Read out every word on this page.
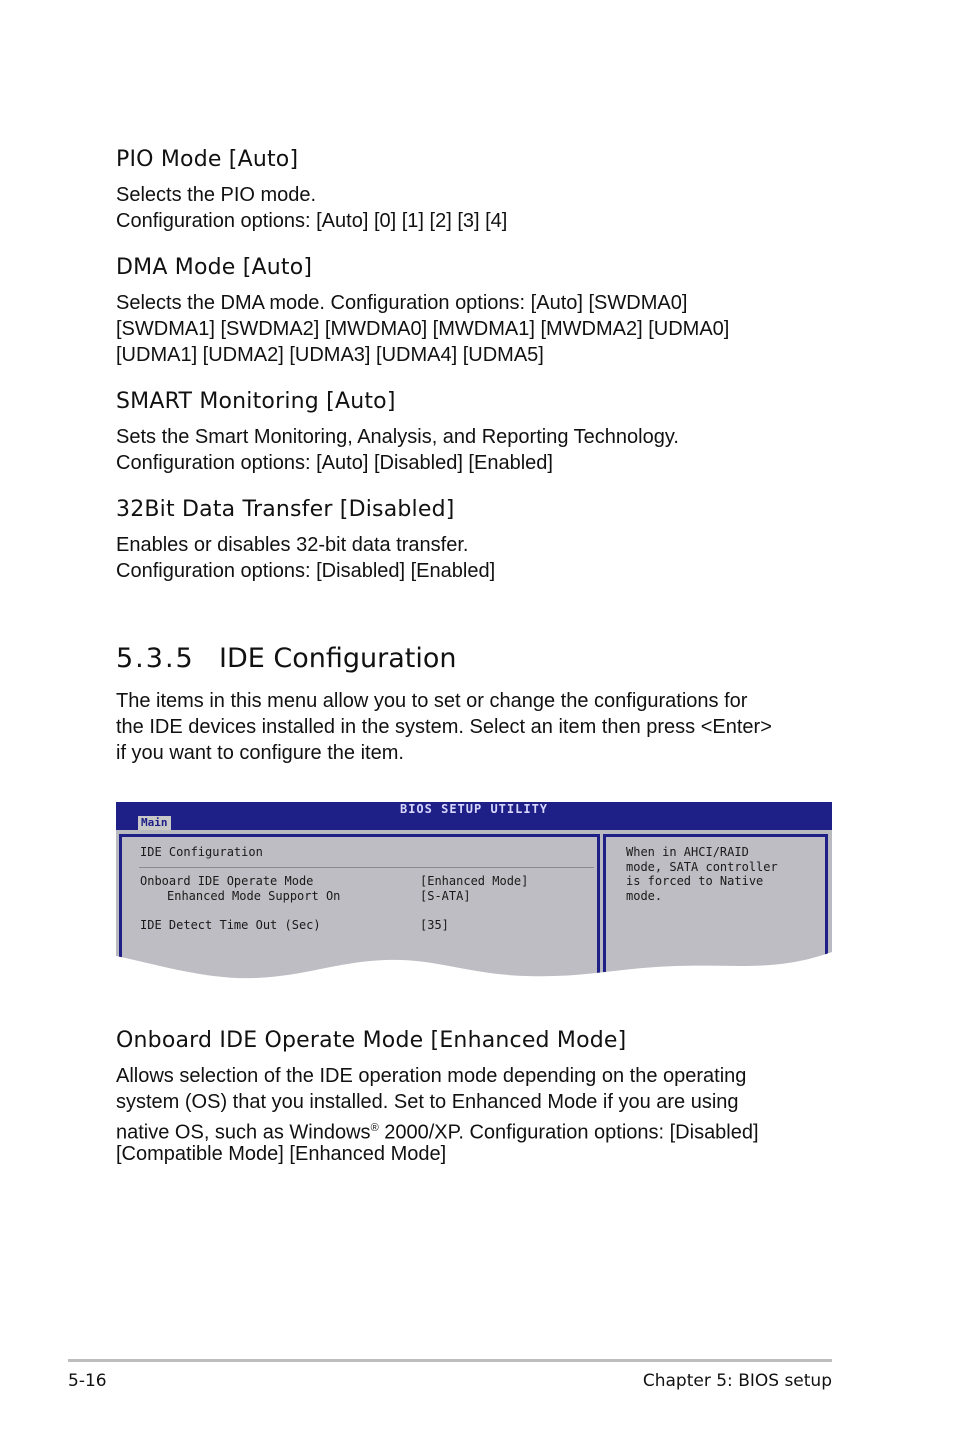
PIO Mode [Auto]

Selects the PIO mode.

Configuration options: [Auto] [0] [1] [2] [3] [4]

DMA Mode [Auto]

Selects the DMA mode. Configuration options: [Auto] [SWDMA0]

[SWDMA1] [SWDMA2] [MWDMA0] [MWDMA1] [MWDMA2] [UDMA0]

[UDMA1] [UDMA2] [UDMA3] [UDMA4] [UDMA5]

SMART Monitoring [Auto]

Sets the Smart Monitoring, Analysis, and Reporting Technology.

Configuration options: [Auto] [Disabled] [Enabled]

32Bit Data Transfer [Disabled]

Enables or disables 32-bit data transfer.

Configuration options: [Disabled] [Enabled]

5.3.5 IDE Configuration

The items in this menu allow you to set or change the configurations for

the IDE devices installed in the system. Select an item then press <Enter>

if you want to configure the item.

BIOS SETUP UTILITY
Main
IDE Configuration
Onboard IDE Operate Mode	[Enhanced Mode]
Enhanced Mode Support On	[S-ATA]
IDE Detect Time Out (Sec)	[35]
When in AHCI/RAID
mode, SATA controller
is forced to Native
mode.
Onboard IDE Operate Mode [Enhanced Mode]

Allows selection of the IDE operation mode depending on the operating

system (OS) that you installed. Set to Enhanced Mode if you are using

native OS, such as Windows® 2000/XP. Configuration options: [Disabled]

[Compatible Mode] [Enhanced Mode]

5-16	Chapter 5: BIOS setup
